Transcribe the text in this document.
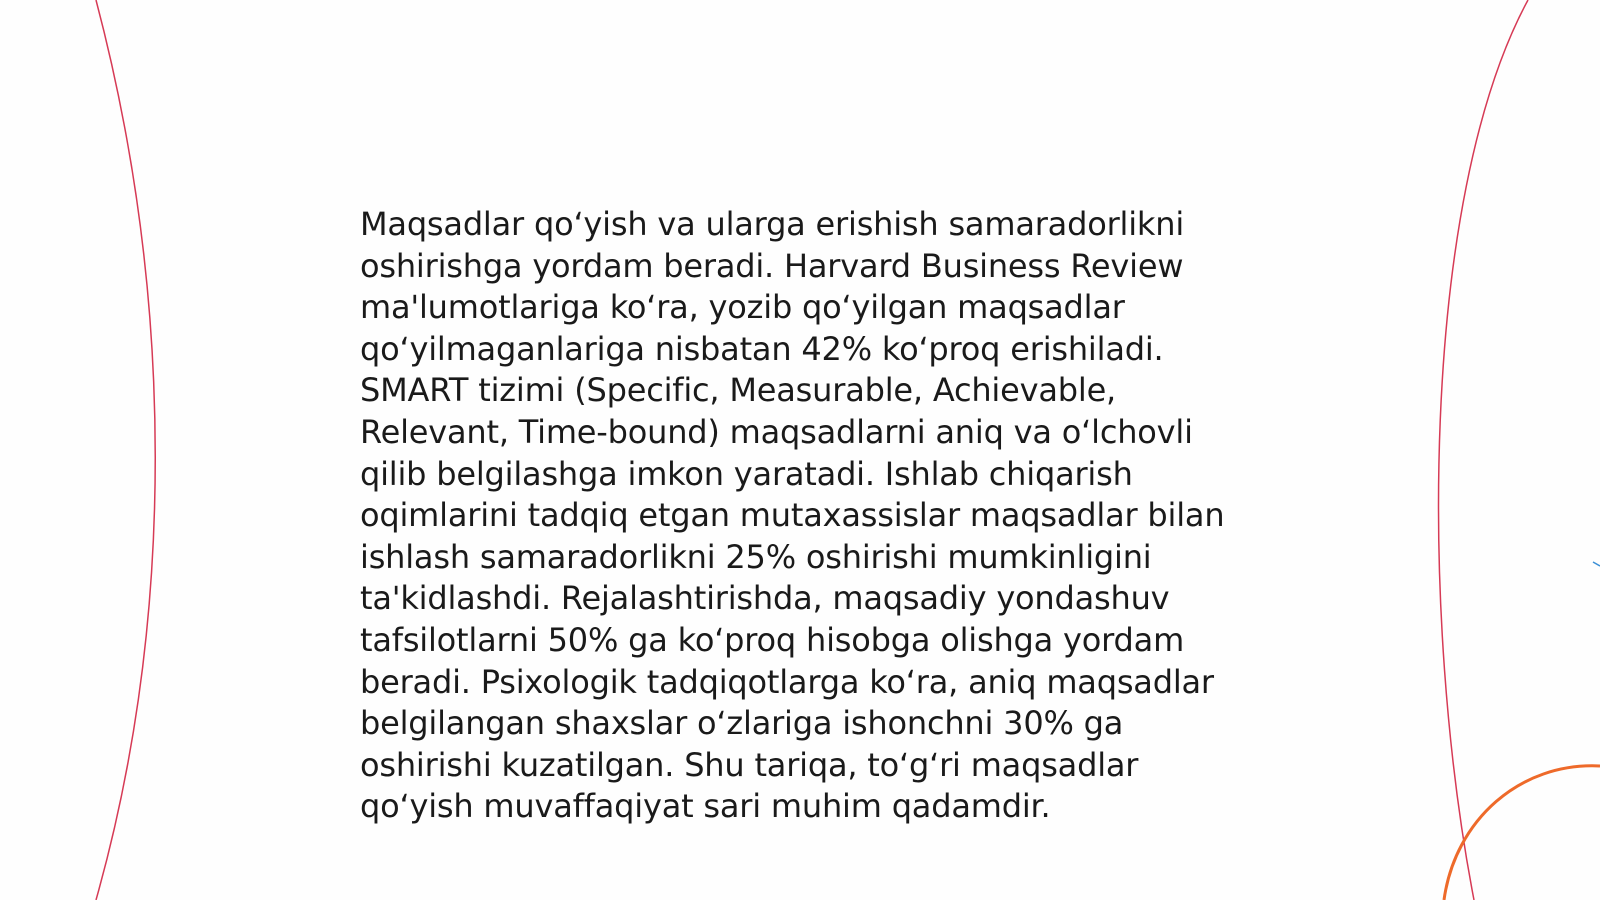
Maqsadlar qo‘yish va ularga erishish samaradorlikni oshirishga yordam beradi. Harvard Business Review ma'lumotlariga ko‘ra, yozib qo‘yilgan maqsadlar qo‘yilmaganlariga nisbatan 42% ko‘proq erishiladi. SMART tizimi (Specific, Measurable, Achievable, Relevant, Time-bound) maqsadlarni aniq va o‘lchovli qilib belgilashga imkon yaratadi. Ishlab chiqarish oqimlarini tadqiq etgan mutaxassislar maqsadlar bilan ishlash samaradorlikni 25% oshirishi mumkinligini ta'kidlashdi. Rejalashtirishda, maqsadiy yondashuv tafsilotlarni 50% ga ko‘proq hisobga olishga yordam beradi. Psixologik tadqiqotlarga ko‘ra, aniq maqsadlar belgilangan shaxslar o‘zlariga ishonchni 30% ga oshirishi kuzatilgan. Shu tariqa, to‘g‘ri maqsadlar qo‘yish muvaffaqiyat sari muhim qadamdir.
